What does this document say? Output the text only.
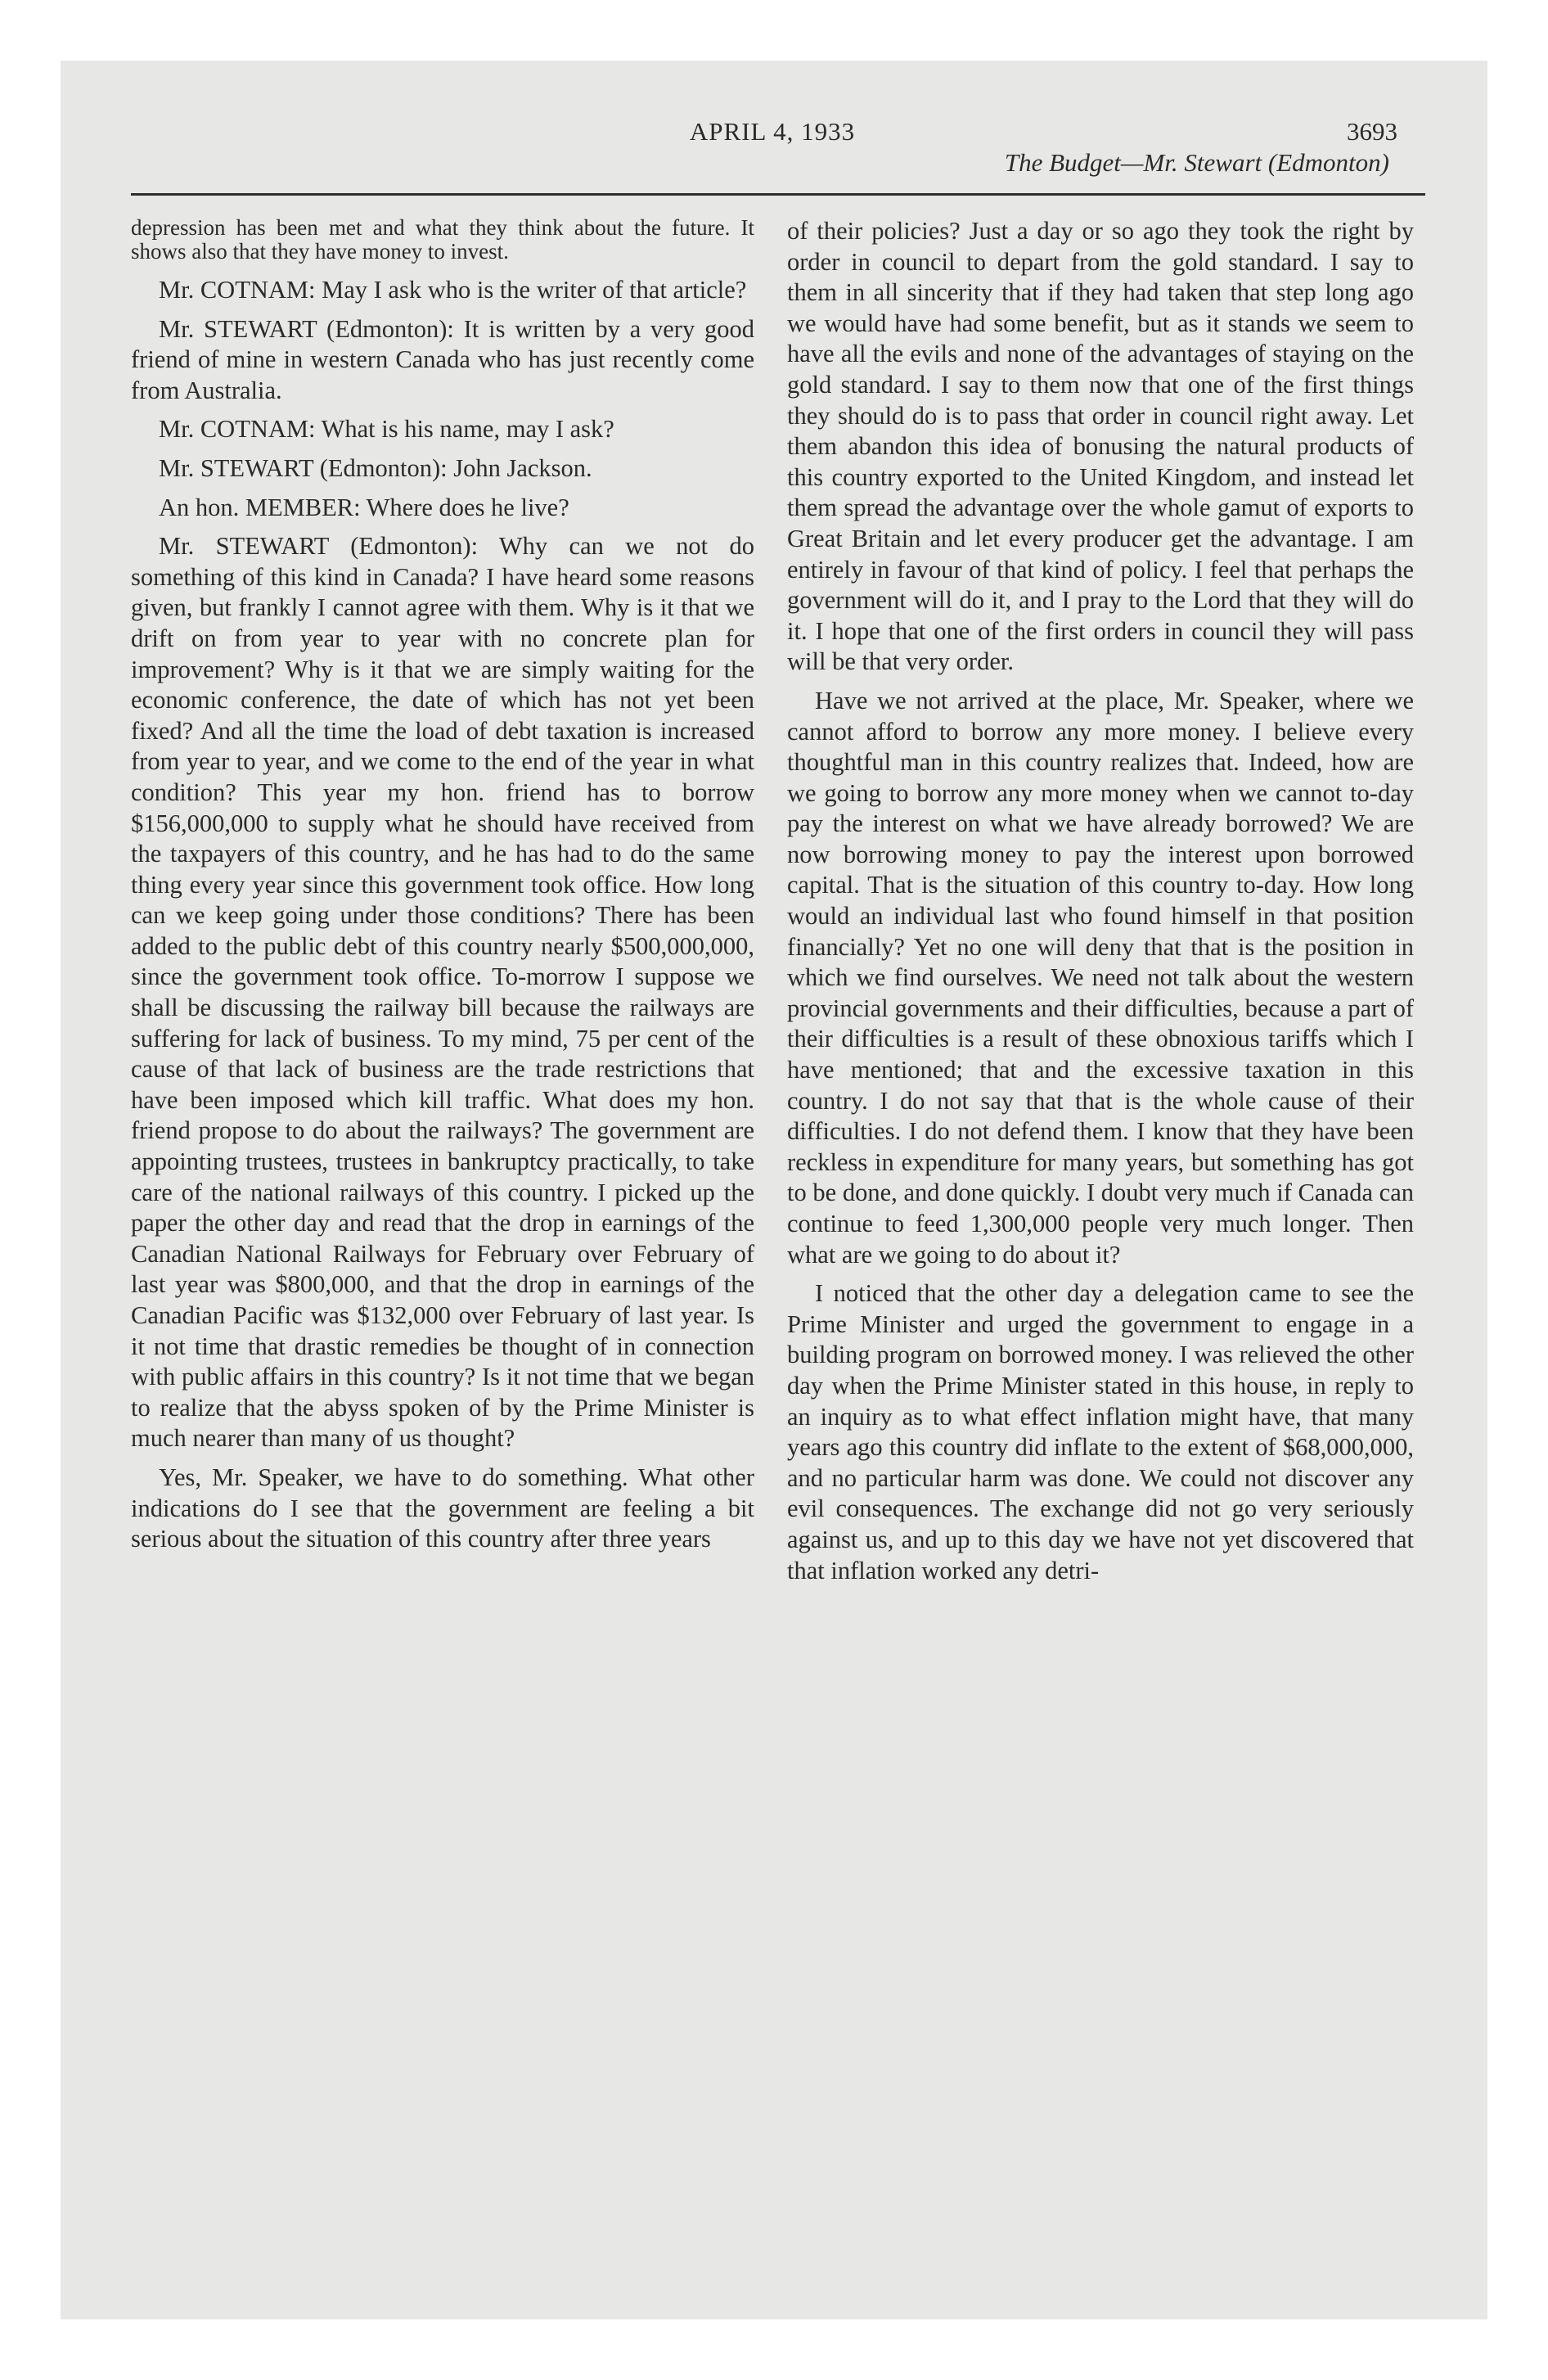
APRIL 4, 1933	3693
The Budget—Mr. Stewart (Edmonton)

depression has been met and what they think about the future. It shows also that they have money to invest.

Mr. COTNAM: May I ask who is the writer of that article?

Mr. STEWART (Edmonton): It is written by a very good friend of mine in western Canada who has just recently come from Australia.

Mr. COTNAM: What is his name, may I ask?

Mr. STEWART (Edmonton): John Jackson.

An hon. MEMBER: Where does he live?

Mr. STEWART (Edmonton): Why can we not do something of this kind in Canada? I have heard some reasons given, but frankly I cannot agree with them. Why is it that we drift on from year to year with no concrete plan for improvement? Why is it that we are simply waiting for the economic conference, the date of which has not yet been fixed? And all the time the load of debt taxation is increased from year to year, and we come to the end of the year in what condition? This year my hon. friend has to borrow $156,000,000 to supply what he should have received from the taxpayers of this country, and he has had to do the same thing every year since this government took office. How long can we keep going under those conditions? There has been added to the public debt of this country nearly $500,000,000, since the government took office. To-morrow I suppose we shall be discussing the railway bill because the railways are suffering for lack of business. To my mind, 75 per cent of the cause of that lack of business are the trade restrictions that have been imposed which kill traffic. What does my hon. friend propose to do about the railways? The government are appointing trustees, trustees in bankruptcy practically, to take care of the national railways of this country. I picked up the paper the other day and read that the drop in earnings of the Canadian National Railways for February over February of last year was $800,000, and that the drop in earnings of the Canadian Pacific was $132,000 over February of last year. Is it not time that drastic remedies be thought of in connection with public affairs in this country? Is it not time that we began to realize that the abyss spoken of by the Prime Minister is much nearer than many of us thought?

Yes, Mr. Speaker, we have to do something. What other indications do I see that the government are feeling a bit serious about the situation of this country after three years

of their policies? Just a day or so ago they took the right by order in council to depart from the gold standard. I say to them in all sincerity that if they had taken that step long ago we would have had some benefit, but as it stands we seem to have all the evils and none of the advantages of staying on the gold standard. I say to them now that one of the first things they should do is to pass that order in council right away. Let them abandon this idea of bonusing the natural products of this country exported to the United Kingdom, and instead let them spread the advantage over the whole gamut of exports to Great Britain and let every producer get the advantage. I am entirely in favour of that kind of policy. I feel that perhaps the government will do it, and I pray to the Lord that they will do it. I hope that one of the first orders in council they will pass will be that very order.

Have we not arrived at the place, Mr. Speaker, where we cannot afford to borrow any more money. I believe every thoughtful man in this country realizes that. Indeed, how are we going to borrow any more money when we cannot to-day pay the interest on what we have already borrowed? We are now borrowing money to pay the interest upon borrowed capital. That is the situation of this country to-day. How long would an individual last who found himself in that position financially? Yet no one will deny that that is the position in which we find ourselves. We need not talk about the western provincial governments and their difficulties, because a part of their difficulties is a result of these obnoxious tariffs which I have mentioned; that and the excessive taxation in this country. I do not say that that is the whole cause of their difficulties. I do not defend them. I know that they have been reckless in expenditure for many years, but something has got to be done, and done quickly. I doubt very much if Canada can continue to feed 1,300,000 people very much longer. Then what are we going to do about it?

I noticed that the other day a delegation came to see the Prime Minister and urged the government to engage in a building program on borrowed money. I was relieved the other day when the Prime Minister stated in this house, in reply to an inquiry as to what effect inflation might have, that many years ago this country did inflate to the extent of $68,000,000, and no particular harm was done. We could not discover any evil consequences. The exchange did not go very seriously against us, and up to this day we have not yet discovered that that inflation worked any detri-
